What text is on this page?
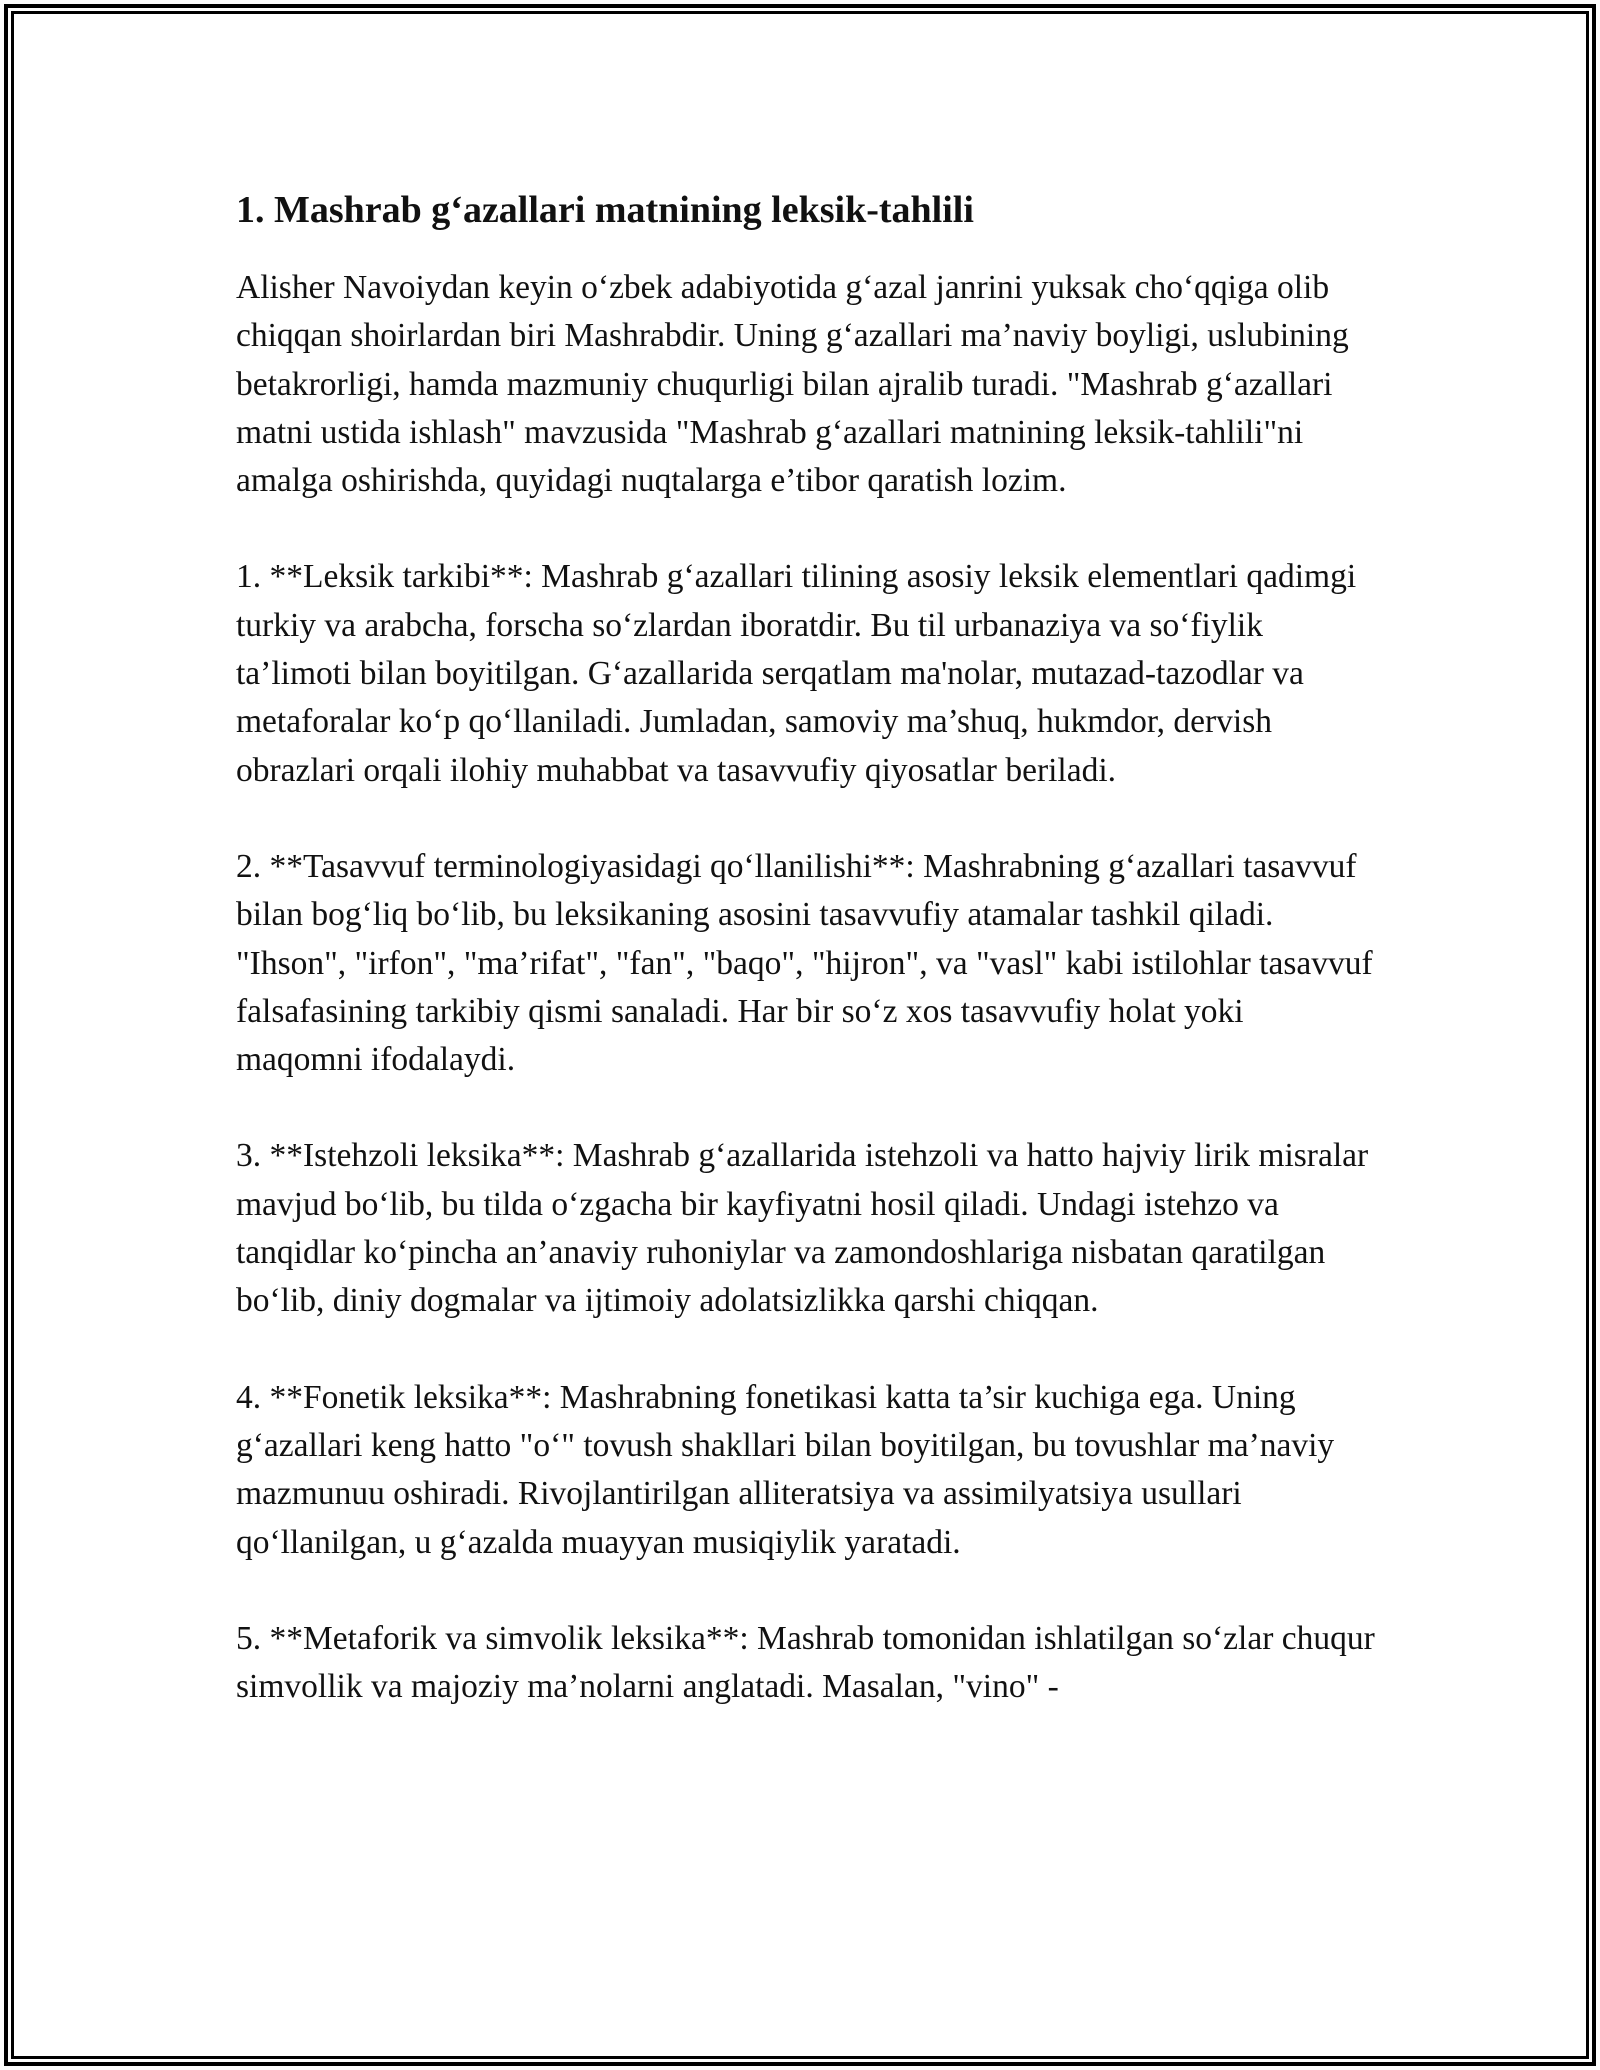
1. Mashrab g‘azallari matnining leksik-tahlili

Alisher Navoiydan keyin o‘zbek adabiyotida g‘azal janrini yuksak cho‘qqiga olib chiqqan shoirlardan biri Mashrabdir. Uning g‘azallari ma’naviy boyligi, uslubining betakrorligi, hamda mazmuniy chuqurligi bilan ajralib turadi. "Mashrab g‘azallari matni ustida ishlash" mavzusida "Mashrab g‘azallari matnining leksik-tahlili"ni amalga oshirishda, quyidagi nuqtalarga e’tibor qaratish lozim.

1. **Leksik tarkibi**: Mashrab g‘azallari tilining asosiy leksik elementlari qadimgi turkiy va arabcha, forscha so‘zlardan iboratdir. Bu til urbanaziya va so‘fiylik ta’limoti bilan boyitilgan. G‘azallarida serqatlam ma'nolar, mutazad-tazodlar va metaforalar ko‘p qo‘llaniladi. Jumladan, samoviy ma’shuq, hukmdor, dervish obrazlari orqali ilohiy muhabbat va tasavvufiy qiyosatlar beriladi.

2. **Tasavvuf terminologiyasidagi qo‘llanilishi**: Mashrabning g‘azallari tasavvuf bilan bog‘liq bo‘lib, bu leksikaning asosini tasavvufiy atamalar tashkil qiladi. "Ihson", "irfon", "ma’rifat", "fan", "baqo", "hijron", va "vasl" kabi istilohlar tasavvuf falsafasining tarkibiy qismi sanaladi. Har bir so‘z xos tasavvufiy holat yoki maqomni ifodalaydi.

3. **Istehzoli leksika**: Mashrab g‘azallarida istehzoli va hatto hajviy lirik misralar mavjud bo‘lib, bu tilda o‘zgacha bir kayfiyatni hosil qiladi. Undagi istehzo va tanqidlar ko‘pincha an’anaviy ruhoniylar va zamondoshlariga nisbatan qaratilgan bo‘lib, diniy dogmalar va ijtimoiy adolatsizlikka qarshi chiqqan.

4. **Fonetik leksika**: Mashrabning fonetikasi katta ta’sir kuchiga ega. Uning g‘azallari keng hatto "o‘" tovush shakllari bilan boyitilgan, bu tovushlar ma’naviy mazmunuu oshiradi. Rivojlantirilgan alliteratsiya va assimilyatsiya usullari qo‘llanilgan, u g‘azalda muayyan musiqiylik yaratadi.

5. **Metaforik va simvolik leksika**: Mashrab tomonidan ishlatilgan so‘zlar chuqur simvollik va majoziy ma’nolarni anglatadi. Masalan, "vino" -
